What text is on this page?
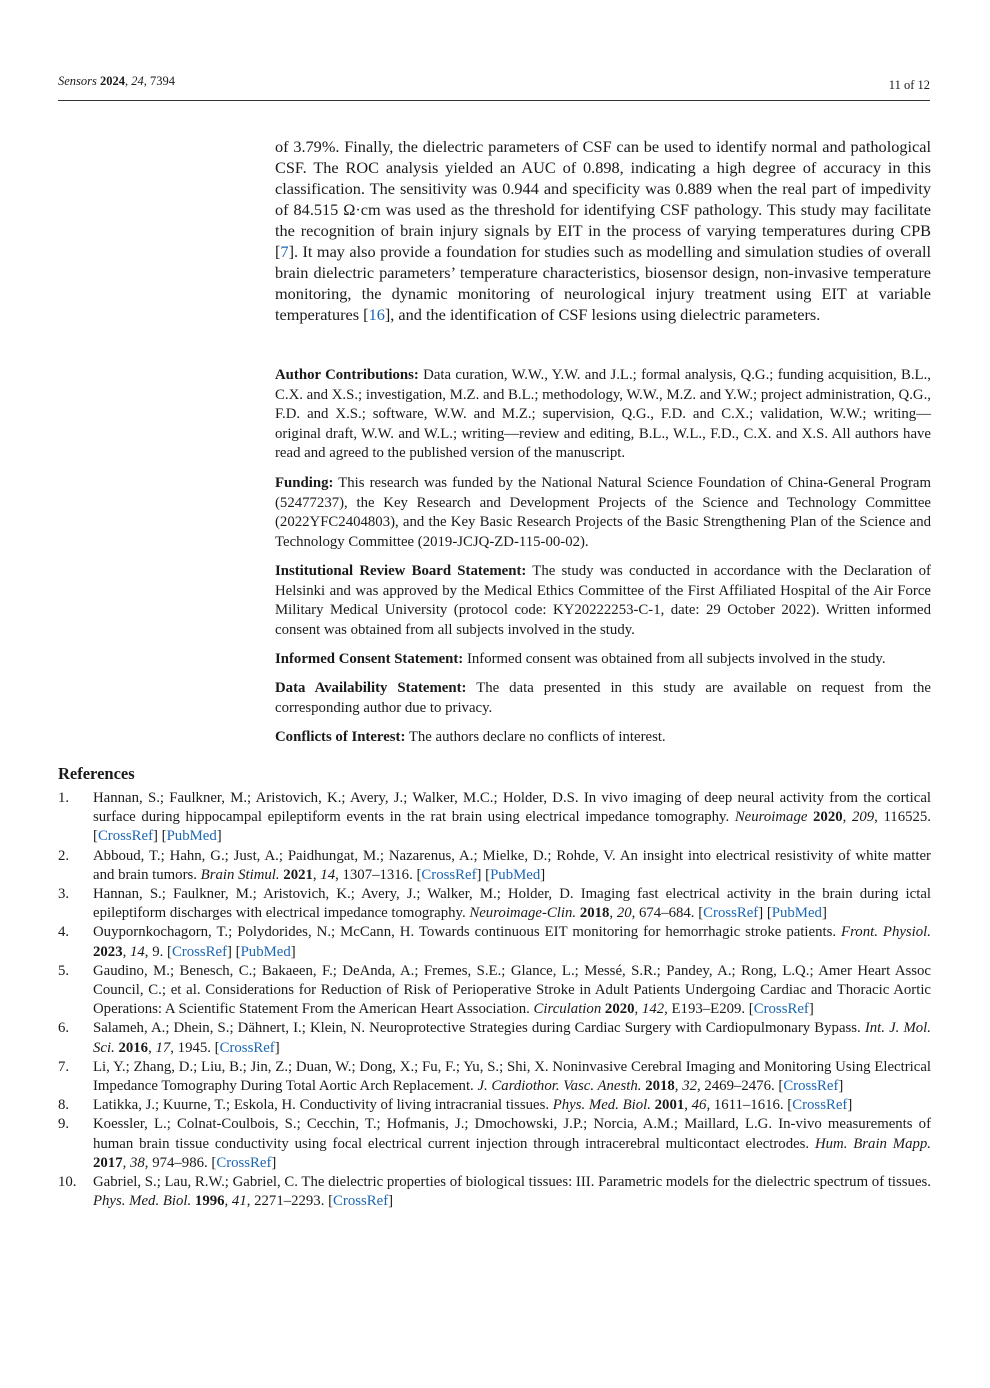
Sensors 2024, 24, 7394	11 of 12
of 3.79%. Finally, the dielectric parameters of CSF can be used to identify normal and pathological CSF. The ROC analysis yielded an AUC of 0.898, indicating a high degree of accuracy in this classification. The sensitivity was 0.944 and specificity was 0.889 when the real part of impedivity of 84.515 Ω·cm was used as the threshold for identifying CSF pathology. This study may facilitate the recognition of brain injury signals by EIT in the process of varying temperatures during CPB [7]. It may also provide a foundation for studies such as modelling and simulation studies of overall brain dielectric parameters’ temperature characteristics, biosensor design, non-invasive temperature monitoring, the dynamic monitoring of neurological injury treatment using EIT at variable temperatures [16], and the identification of CSF lesions using dielectric parameters.
Author Contributions: Data curation, W.W., Y.W. and J.L.; formal analysis, Q.G.; funding acquisition, B.L., C.X. and X.S.; investigation, M.Z. and B.L.; methodology, W.W., M.Z. and Y.W.; project administration, Q.G., F.D. and X.S.; software, W.W. and M.Z.; supervision, Q.G., F.D. and C.X.; validation, W.W.; writing—original draft, W.W. and W.L.; writing—review and editing, B.L., W.L., F.D., C.X. and X.S. All authors have read and agreed to the published version of the manuscript.
Funding: This research was funded by the National Natural Science Foundation of China-General Program (52477237), the Key Research and Development Projects of the Science and Technology Committee (2022YFC2404803), and the Key Basic Research Projects of the Basic Strengthening Plan of the Science and Technology Committee (2019-JCJQ-ZD-115-00-02).
Institutional Review Board Statement: The study was conducted in accordance with the Declaration of Helsinki and was approved by the Medical Ethics Committee of the First Affiliated Hospital of the Air Force Military Medical University (protocol code: KY20222253-C-1, date: 29 October 2022). Written informed consent was obtained from all subjects involved in the study.
Informed Consent Statement: Informed consent was obtained from all subjects involved in the study.
Data Availability Statement: The data presented in this study are available on request from the corresponding author due to privacy.
Conflicts of Interest: The authors declare no conflicts of interest.
References
1. Hannan, S.; Faulkner, M.; Aristovich, K.; Avery, J.; Walker, M.C.; Holder, D.S. In vivo imaging of deep neural activity from the cortical surface during hippocampal epileptiform events in the rat brain using electrical impedance tomography. Neuroimage 2020, 209, 116525. [CrossRef] [PubMed]
2. Abboud, T.; Hahn, G.; Just, A.; Paidhungat, M.; Nazarenus, A.; Mielke, D.; Rohde, V. An insight into electrical resistivity of white matter and brain tumors. Brain Stimul. 2021, 14, 1307–1316. [CrossRef] [PubMed]
3. Hannan, S.; Faulkner, M.; Aristovich, K.; Avery, J.; Walker, M.; Holder, D. Imaging fast electrical activity in the brain during ictal epileptiform discharges with electrical impedance tomography. Neuroimage-Clin. 2018, 20, 674–684. [CrossRef] [PubMed]
4. Ouypornkochagorn, T.; Polydorides, N.; McCann, H. Towards continuous EIT monitoring for hemorrhagic stroke patients. Front. Physiol. 2023, 14, 9. [CrossRef] [PubMed]
5. Gaudino, M.; Benesch, C.; Bakaeen, F.; DeAnda, A.; Fremes, S.E.; Glance, L.; Messé, S.R.; Pandey, A.; Rong, L.Q.; Amer Heart Assoc Council, C.; et al. Considerations for Reduction of Risk of Perioperative Stroke in Adult Patients Undergoing Cardiac and Thoracic Aortic Operations: A Scientific Statement From the American Heart Association. Circulation 2020, 142, E193–E209. [CrossRef]
6. Salameh, A.; Dhein, S.; Dähnert, I.; Klein, N. Neuroprotective Strategies during Cardiac Surgery with Cardiopulmonary Bypass. Int. J. Mol. Sci. 2016, 17, 1945. [CrossRef]
7. Li, Y.; Zhang, D.; Liu, B.; Jin, Z.; Duan, W.; Dong, X.; Fu, F.; Yu, S.; Shi, X. Noninvasive Cerebral Imaging and Monitoring Using Electrical Impedance Tomography During Total Aortic Arch Replacement. J. Cardiothor. Vasc. Anesth. 2018, 32, 2469–2476. [CrossRef]
8. Latikka, J.; Kuurne, T.; Eskola, H. Conductivity of living intracranial tissues. Phys. Med. Biol. 2001, 46, 1611–1616. [CrossRef]
9. Koessler, L.; Colnat-Coulbois, S.; Cecchin, T.; Hofmanis, J.; Dmochowski, J.P.; Norcia, A.M.; Maillard, L.G. In-vivo measurements of human brain tissue conductivity using focal electrical current injection through intracerebral multicontact electrodes. Hum. Brain Mapp. 2017, 38, 974–986. [CrossRef]
10. Gabriel, S.; Lau, R.W.; Gabriel, C. The dielectric properties of biological tissues: III. Parametric models for the dielectric spectrum of tissues. Phys. Med. Biol. 1996, 41, 2271–2293. [CrossRef]
